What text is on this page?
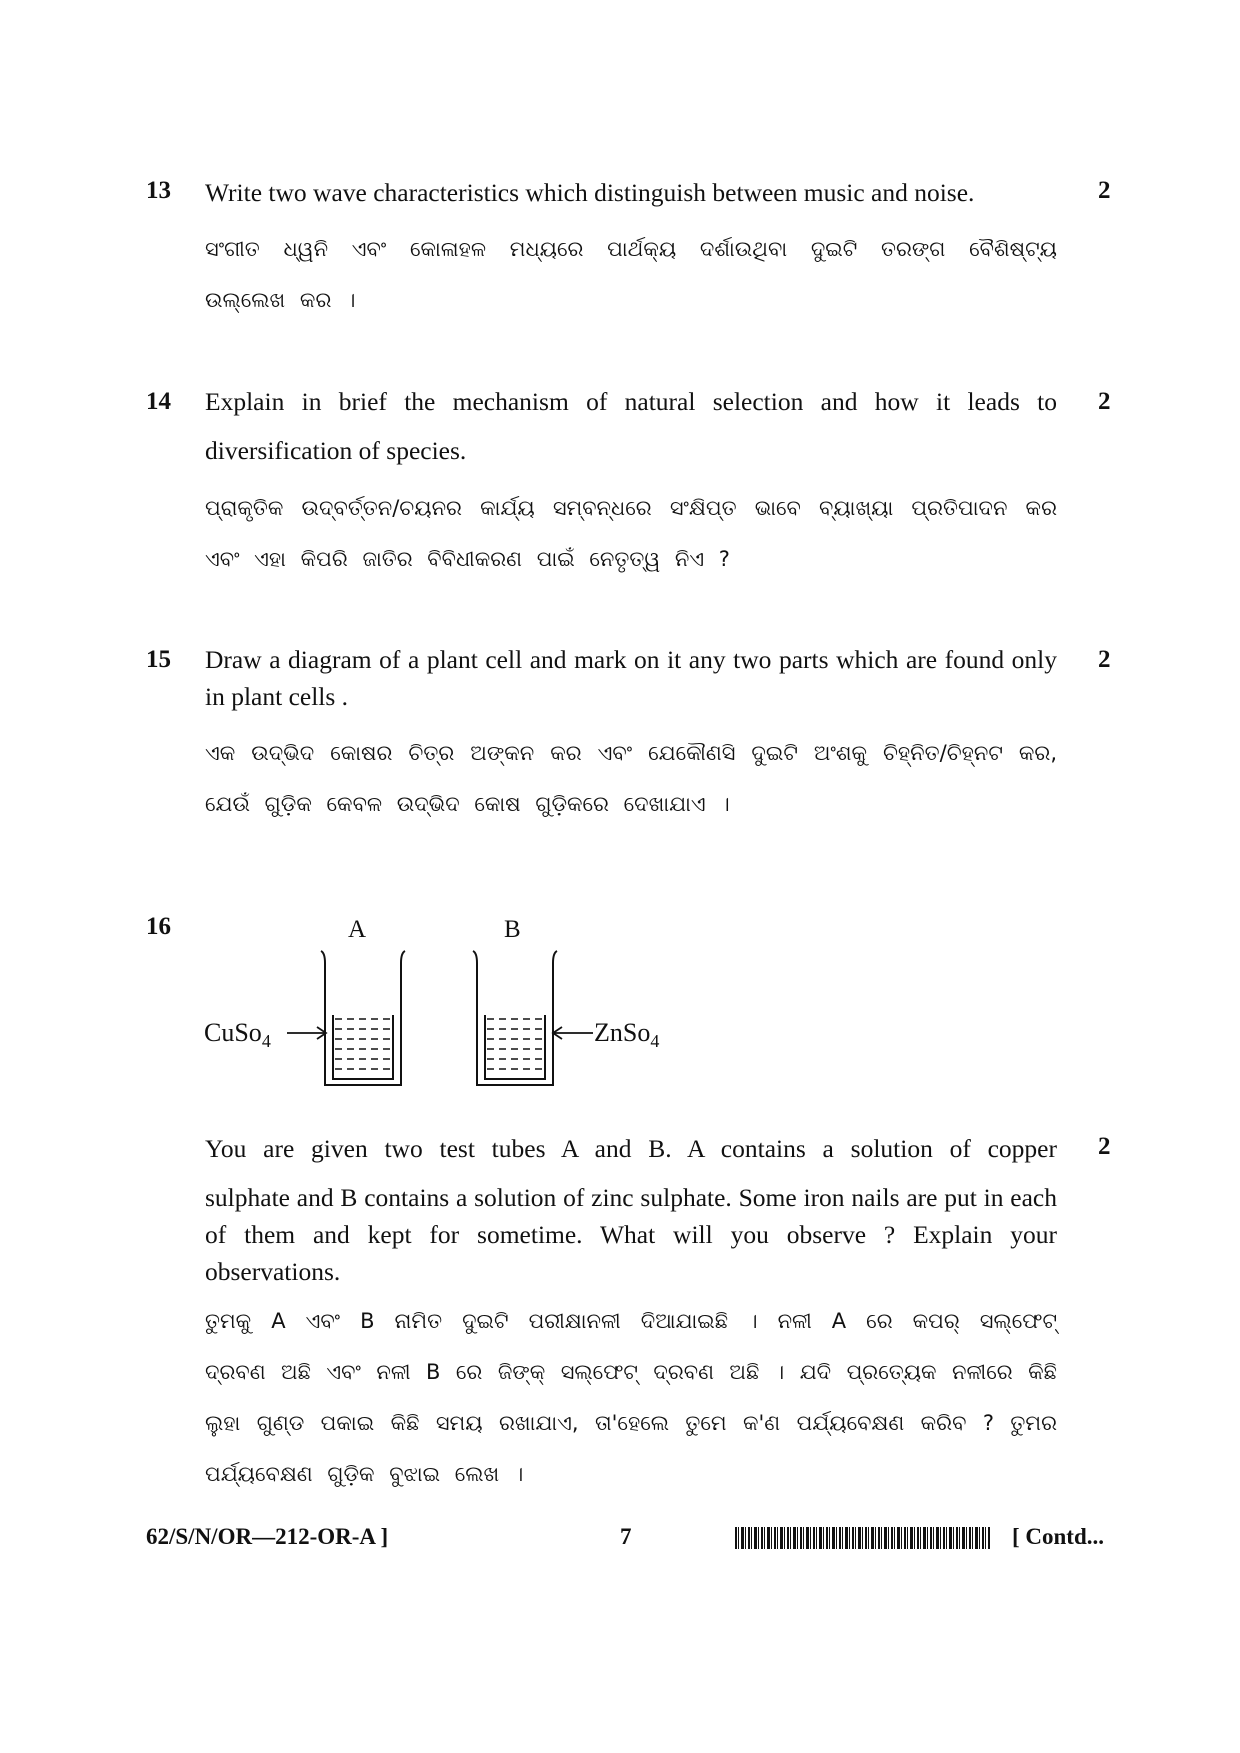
13 Write two wave characteristics which distinguish between music and noise.	2
ସଂଗୀତ ଧ୍ୱନି ଏବଂ କୋଳାହଳ ମଧ୍ୟରେ ପାର୍ଥକ୍ୟ ଦର୍ଶାଉଥିବା ଦୁଇଟି ତରଙ୍ଗ ବୈଶିଷ୍ଟ୍ୟ ଉଲ୍ଲେଖ କର ।
14 Explain in brief the mechanism of natural selection and how it leads to diversification of species.
2
ପ୍ରାକୃତିକ ଉଦ୍‌ବର୍ତ୍ତନ/ଚୟନର କାର୍ଯ୍ୟ ସମ୍ବନ୍ଧରେ ସଂକ୍ଷିପ୍ତ ଭାବେ ବ୍ୟାଖ୍ୟା ପ୍ରତିପାଦନ କର ଏବଂ ଏହା କିପରି ଜାତିର ବିବିଧୀକରଣ ପାଇଁ ନେତୃତ୍ୱ ନିଏ ?
15 Draw a diagram of a plant cell and mark on it any two parts which are found only in plant cells .
2
ଏକ ଉଦ୍ଭିଦ କୋଷର ଚିତ୍ର ଅଙ୍କନ କର ଏବଂ ଯେକୌଣସି ଦୁଇଟି ଅଂଶକୁ ଚିହ୍ନିତ/ଚିହ୍ନଟ କର, ଯେଉଁ ଗୁଡ଼ିକ କେବଳ ଉଦ୍ଭିଦ କୋଷ ଗୁଡ଼ିକରେ ଦେଖାଯାଏ ।
16	A	B
CuSo$_4$	ZnSo$_4$
You are given two test tubes A and B. A contains a solution of copper 2
sulphate and B contains a solution of zinc sulphate. Some iron nails are put in each of them and kept for sometime. What will you observe ? Explain your observations.
ତୁମକୁ A ଏବଂ B ନାମିତ ଦୁଇଟି ପରୀକ୍ଷାନଳୀ ଦିଆଯାଇଛି । ନଳୀ A ରେ କପର୍ ସଲ୍‌ଫେଟ୍ ଦ୍ରବଣ ଅଛି ଏବଂ ନଳୀ B ରେ ଜିଙ୍କ୍ ସଲ୍‌ଫେଟ୍ ଦ୍ରବଣ ଅଛି । ଯଦି ପ୍ରତ୍ୟେକ ନଳୀରେ କିଛି ଲୁହା ଗୁଣ୍ଡ ପକାଇ କିଛି ସମୟ ରଖାଯାଏ, ତା'ହେଲେ ତୁମେ କ'ଣ ପର୍ଯ୍ୟବେକ୍ଷଣ କରିବ ? ତୁମର ପର୍ଯ୍ୟବେକ୍ଷଣ ଗୁଡ଼ିକ ବୁଝାଇ ଲେଖ ।
62/S/N/OR—212-OR-A ]	7	[ Contd...
